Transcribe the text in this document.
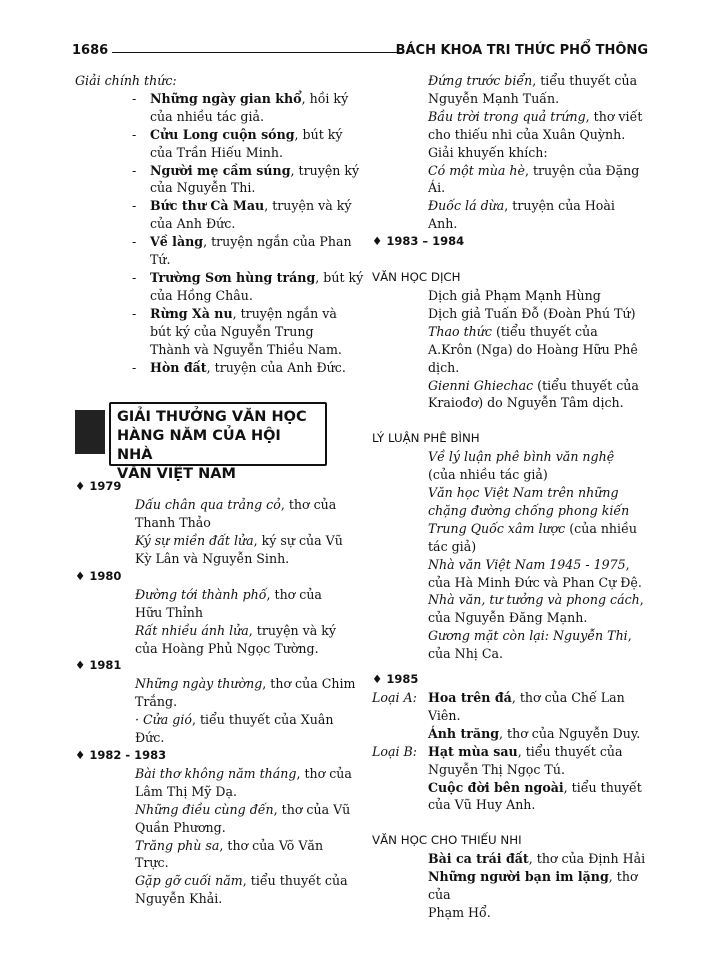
1686	BÁCH KHOA TRI THỨC PHỔ THÔNG
Giải chính thức:
- Những ngày gian khổ, hồi ký
của nhiều tác giả.
- Cửu Long cuộn sóng, bút ký
của Trần Hiếu Minh.
- Người mẹ cầm súng, truyện ký
của Nguyễn Thi.
- Bức thư Cà Mau, truyện và ký
của Anh Đức.
- Về làng, truyện ngắn của Phan
Tứ.
- Trường Sơn hùng tráng, bút ký
của Hồng Châu.
- Rừng Xà nu, truyện ngắn và
bút ký của Nguyễn Trung
Thành và Nguyễn Thiều Nam.
- Hòn đất, truyện của Anh Đức.
GIẢI THƯỞNG VĂN HỌC
HÀNG NĂM CỦA HỘI NHÀ
VĂN VIỆT NAM
♦ 1979
Dấu chân qua trảng cỏ, thơ của
Thanh Thảo
Ký sự miền đất lửa, ký sự của Vũ
Kỳ Lân và Nguyễn Sinh.
♦ 1980
Đường tới thành phố, thơ của
Hữu Thỉnh
Rất nhiều ánh lửa, truyện và ký
của Hoàng Phủ Ngọc Tường.
♦ 1981
Những ngày thường, thơ của Chim
Trắng.
· Cửa gió, tiểu thuyết của Xuân
Đức.
♦ 1982 - 1983
Bài thơ không năm tháng, thơ của
Lâm Thị Mỹ Dạ.
Những điều cùng đến, thơ của Vũ
Quần Phương.
Trăng phù sa, thơ của Võ Văn
Trực.
Gặp gỡ cuối năm, tiểu thuyết của
Nguyễn Khải.
Đứng trước biển, tiểu thuyết của
Nguyễn Mạnh Tuấn.
Bầu trời trong quả trứng, thơ viết
cho thiếu nhi của Xuân Quỳnh.
Giải khuyến khích:
Có một mùa hè, truyện của Đặng
Ái.
Đuốc lá dừa, truyện của Hoài
Anh.
♦ 1983 – 1984
VĂN HỌC DỊCH
Dịch giả Phạm Mạnh Hùng
Dịch giả Tuấn Đỗ (Đoàn Phú Tứ)
Thao thức (tiểu thuyết của
A.Krôn (Nga) do Hoàng Hữu Phê
dịch.
Gienni Ghiechac (tiểu thuyết của
Kraiođơ) do Nguyễn Tâm dịch.
LÝ LUẬN PHÊ BÌNH
Về lý luận phê bình văn nghệ
(của nhiều tác giả)
Văn học Việt Nam trên những
chặng đường chống phong kiến
Trung Quốc xâm lược (của nhiều
tác giả)
Nhà văn Việt Nam 1945 - 1975,
của Hà Minh Đức và Phan Cự Đệ.
Nhà văn, tư tưởng và phong cách,
của Nguyễn Đăng Mạnh.
Gương mặt còn lại: Nguyễn Thi,
của Nhị Ca.
♦ 1985
Loại A: Hoa trên đá, thơ của Chế Lan
Viên.
Ánh trăng, thơ của Nguyễn Duy.
Loại B: Hạt mùa sau, tiểu thuyết của
Nguyễn Thị Ngọc Tú.
Cuộc đời bên ngoài, tiểu thuyết
của Vũ Huy Anh.
VĂN HỌC CHO THIẾU NHI
Bài ca trái đất, thơ của Định Hải
Những người bạn im lặng, thơ của
Phạm Hổ.
